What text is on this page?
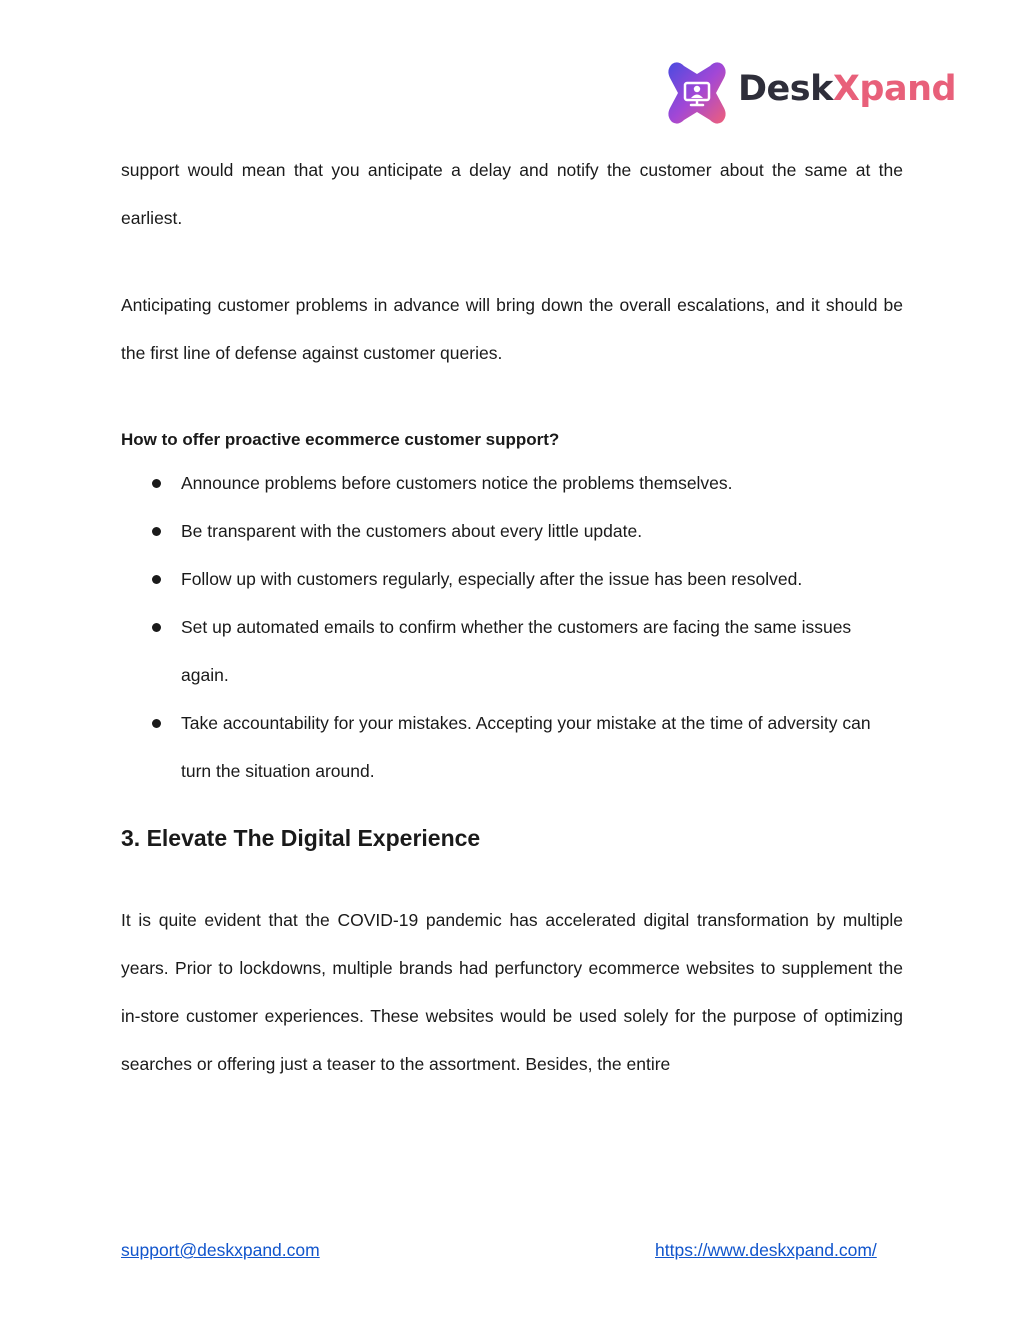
DeskXpand

support would mean that you anticipate a delay and notify the customer about the same at the earliest.

Anticipating customer problems in advance will bring down the overall escalations, and it should be the first line of defense against customer queries.

How to offer proactive ecommerce customer support?
Announce problems before customers notice the problems themselves.
Be transparent with the customers about every little update.
Follow up with customers regularly, especially after the issue has been resolved.
Set up automated emails to confirm whether the customers are facing the same issues again.
Take accountability for your mistakes. Accepting your mistake at the time of adversity can turn the situation around.
3. Elevate The Digital Experience

It is quite evident that the COVID-19 pandemic has accelerated digital transformation by multiple years. Prior to lockdowns, multiple brands had perfunctory ecommerce websites to supplement the in-store customer experiences. These websites would be used solely for the purpose of optimizing searches or offering just a teaser to the assortment. Besides, the entire

support@deskxpand.com	https://www.deskxpand.com/
